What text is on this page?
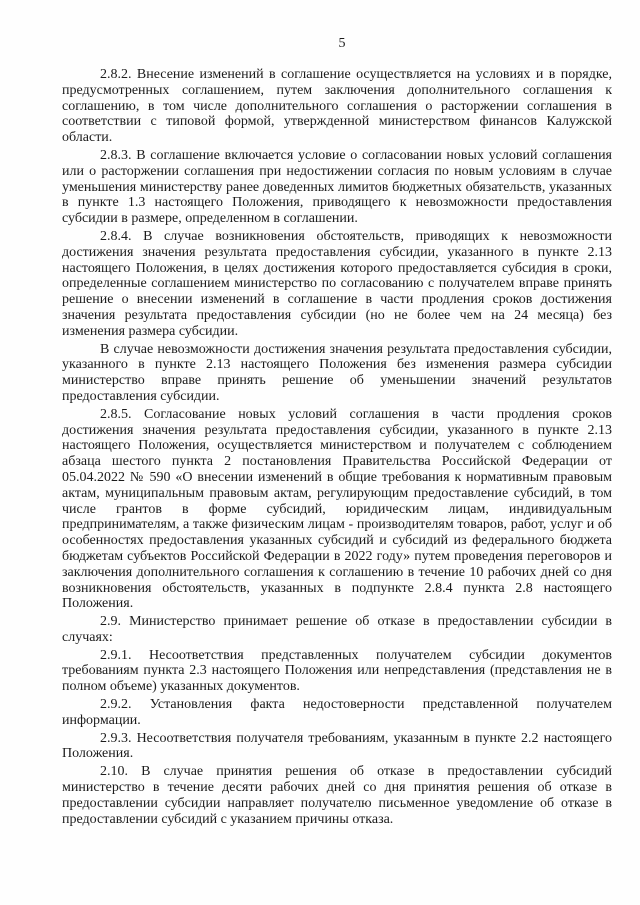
5

2.8.2. Внесение изменений в соглашение осуществляется на условиях и в порядке, предусмотренных соглашением, путем заключения дополнительного соглашения к соглашению, в том числе дополнительного соглашения о расторжении соглашения в соответствии с типовой формой, утвержденной министерством финансов Калужской области.

2.8.3. В соглашение включается условие о согласовании новых условий соглашения или о расторжении соглашения при недостижении согласия по новым условиям в случае уменьшения министерству ранее доведенных лимитов бюджетных обязательств, указанных в пункте 1.3 настоящего Положения, приводящего к невозможности предоставления субсидии в размере, определенном в соглашении.

2.8.4. В случае возникновения обстоятельств, приводящих к невозможности достижения значения результата предоставления субсидии, указанного в пункте 2.13 настоящего Положения, в целях достижения которого предоставляется субсидия в сроки, определенные соглашением министерство по согласованию с получателем вправе принять решение о внесении изменений в соглашение в части продления сроков достижения значения результата предоставления субсидии (но не более чем на 24 месяца) без изменения размера субсидии.

В случае невозможности достижения значения результата предоставления субсидии, указанного в пункте 2.13 настоящего Положения без изменения размера субсидии министерство вправе принять решение об уменьшении значений результатов предоставления субсидии.

2.8.5. Согласование новых условий соглашения в части продления сроков достижения значения результата предоставления субсидии, указанного в пункте 2.13 настоящего Положения, осуществляется министерством и получателем с соблюдением абзаца шестого пункта 2 постановления Правительства Российской Федерации от 05.04.2022 № 590 «О внесении изменений в общие требования к нормативным правовым актам, муниципальным правовым актам, регулирующим предоставление субсидий, в том числе грантов в форме субсидий, юридическим лицам, индивидуальным предпринимателям, а также физическим лицам - производителям товаров, работ, услуг и об особенностях предоставления указанных субсидий и субсидий из федерального бюджета бюджетам субъектов Российской Федерации в 2022 году» путем проведения переговоров и заключения дополнительного соглашения к соглашению в течение 10 рабочих дней со дня возникновения обстоятельств, указанных в подпункте 2.8.4 пункта 2.8 настоящего Положения.

2.9. Министерство принимает решение об отказе в предоставлении субсидии в случаях:

2.9.1. Несоответствия представленных получателем субсидии документов требованиям пункта 2.3 настоящего Положения или непредставления (представления не в полном объеме) указанных документов.

2.9.2. Установления факта недостоверности представленной получателем информации.

2.9.3. Несоответствия получателя требованиям, указанным в пункте 2.2 настоящего Положения.

2.10. В случае принятия решения об отказе в предоставлении субсидий министерство в течение десяти рабочих дней со дня принятия решения об отказе в предоставлении субсидии направляет получателю письменное уведомление об отказе в предоставлении субсидий с указанием причины отказа.
